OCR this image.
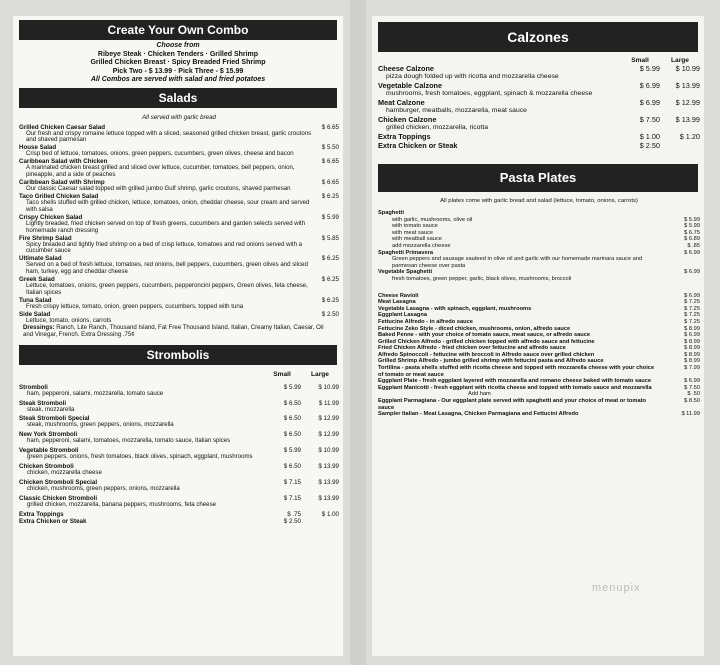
Create Your Own Combo
Choose from
Ribeye Steak · Chicken Tenders · Grilled Shrimp
Grilled Chicken Breast · Spicy Breaded Fried Shrimp
Pick Two - $ 13.99 · Pick Three - $ 15.99
All Combos are served with salad and fried potatoes
Salads
All served with garlic bread
Grilled Chicken Caesar Salad	$ 6.65
Our fresh and crispy romaine lettuce topped with a sliced, seasoned grilled chicken breast, garlic croutons and shaved parmesan
House Salad	$ 5.50
Crisp bed of lettuce, tomatoes, onions, green peppers, cucumbers, green olives, cheese and bacon
Caribbean Salad with Chicken	$ 6.65
A marinated chicken breast grilled and sliced over lettuce, cucumber, tomatoes, bell peppers, onion, pineapple, and a side of peaches
Caribbean Salad with Shrimp	$ 6.65
Our classic Caesar salad topped with grilled jumbo Gulf shrimp, garlic croutons, shaved parmesan
Taco Grilled Chicken Salad	$ 6.25
Taco shells stuffed with grilled chicken, lettuce, tomatoes, onion, cheddar cheese, sour cream and served with salsa
Crispy Chicken Salad	$ 5.99
Lightly breaded, fried chicken served on top of fresh greens, cucumbers and garden selects served with homemade ranch dressing
Fire Shrimp Salad	$ 5.85
Spicy breaded and lightly fried shrimp on a bed of crisp lettuce, tomatoes and red onions served with a cucumber sauce
Ultimate Salad	$ 6.25
Served on a bed of fresh lettuce, tomatoes, red onions, bell peppers, cucumbers, green olives and sliced ham, turkey, egg and cheddar cheese
Greek Salad	$ 6.25
Lettuce, tomatoes, onions, green peppers, cucumbers, pepperoncini peppers, Green olives, feta cheese, Italian spices
Tuna Salad	$ 6.25
Fresh crispy lettuce, tomato, onion, green peppers, cucumbers, topped with tuna
Side Salad	$ 2.50
Lettuce, tomato, onions, carrots
Dressings: Ranch, Lite Ranch, Thousand Island, Fat Free Thousand Island, Italian, Creamy Italian, Caesar, Oil and Vinegar, French. Extra Dressing .75¢
Strombolis
Small	Large
Stromboli	$ 5.99	$ 10.99
ham, pepperoni, salami, mozzarella, tomato sauce
Steak Stromboli	$ 6.50	$ 11.99
steak, mozzarella
Steak Stromboli Special	$ 6.50	$ 12.99
steak, mushrooms, green peppers, onions, mozzarella
New York Stromboli	$ 6.50	$ 12.99
ham, pepperoni, salami, tomatoes, mozzarella, tomato sauce, Italian spices
Vegetable Stromboli	$ 5.99	$ 10.99
green peppers, onions, fresh tomatoes, black olives, spinach, eggplant, mushrooms
Chicken Stromboli	$ 6.50	$ 13.99
chicken, mozzarella cheese
Chicken Stromboli Special	$ 7.15	$ 13.99
chicken, mushrooms, green peppers, onions, mozzarella
Classic Chicken Stromboli	$ 7.15	$ 13.99
grilled chicken, mozzarella, banana peppers, mushrooms, feta cheese
Extra Toppings	$ .75	$ 1.00
Extra Chicken or Steak	$ 2.50
Calzones
Small	Large
Cheese Calzone	$ 5.99	$ 10.99
pizza dough folded up with ricotta and mozzarella cheese
Vegetable Calzone	$ 6.99	$ 13.99
mushrooms, fresh tomatoes, eggplant, spinach & mozzarella cheese
Meat Calzone	$ 6.99	$ 12.99
hamburger, meatballs, mozzarella, meat sauce
Chicken Calzone	$ 7.50	$ 13.99
grilled chicken, mozzarella, ricotta
Extra Toppings	$ 1.00	$ 1.20
Extra Chicken or Steak	$ 2.50
Pasta Plates
All plates come with garlic bread and salad (lettuce, tomato, onions, carrots)
Spaghetti
with garlic, mushrooms, olive oil	$ 5.99
with tomato sauce	$ 5.99
with meat sauce	$ 6.75
with meatball sauce	$ 6.89
add mozzarella cheese	$ .85
Spaghetti Primavera	$ 6.99
Green peppers and sausage sauteed in olive oil and garlic with our homemade marinara sauce and parmesan cheese over pasta
Vegetable Spaghetti	$ 6.99
fresh tomatoes, green pepper, garlic, black olives, mushrooms, broccoli
Cheese Ravioli	$ 6.99
Meat Lasagna	$ 7.25
Vegetable Lasagna - with spinach, eggplant, mushrooms	$ 7.25
Eggplant Lasagna	$ 7.25
Fettucine Alfredo - in alfredo sauce	$ 7.25
Fettucine Zeko Style - diced chicken, mushrooms, onion, alfredo sauce	$ 8.99
Baked Penne - with your choice of tomato sauce, meat sauce, or alfredo sauce	$ 6.99
Grilled Chicken Alfredo - grilled chicken topped with alfredo sauce and fettucine	$ 8.99
Fried Chicken Alfredo - fried chicken over fettucine and alfredo sauce	$ 8.99
Alfredo Spinoccoli - fettucine with broccoli in Alfredo sauce over grilled chicken	$ 8.99
Grilled Shrimp Alfredo - jumbo grilled shrimp with fettucini pasta and Alfredo sauce	$ 8.99
Tortilina - pasta shells stuffed with ricotta cheese and topped with mozzarella cheese with your choice of tomato or meat sauce
$ 7.99
Eggplant Plate - fresh eggplant layered with mozzarella and romano cheese baked with tomato sauce	$ 6.99
Eggplant Manicotti - fresh eggplant with ricotta cheese and topped with tomato sauce and mozzarella	$ 7.50
Add ham	$ .50
Eggplant Parmagiana - Our eggplant plate served with spaghetti and your choice of meat or tomato sauce
$ 8.50
Sampler Italian - Meat Lasagna, Chicken Parmagiana and Fettucini Alfredo	$ 11.99
menupix
